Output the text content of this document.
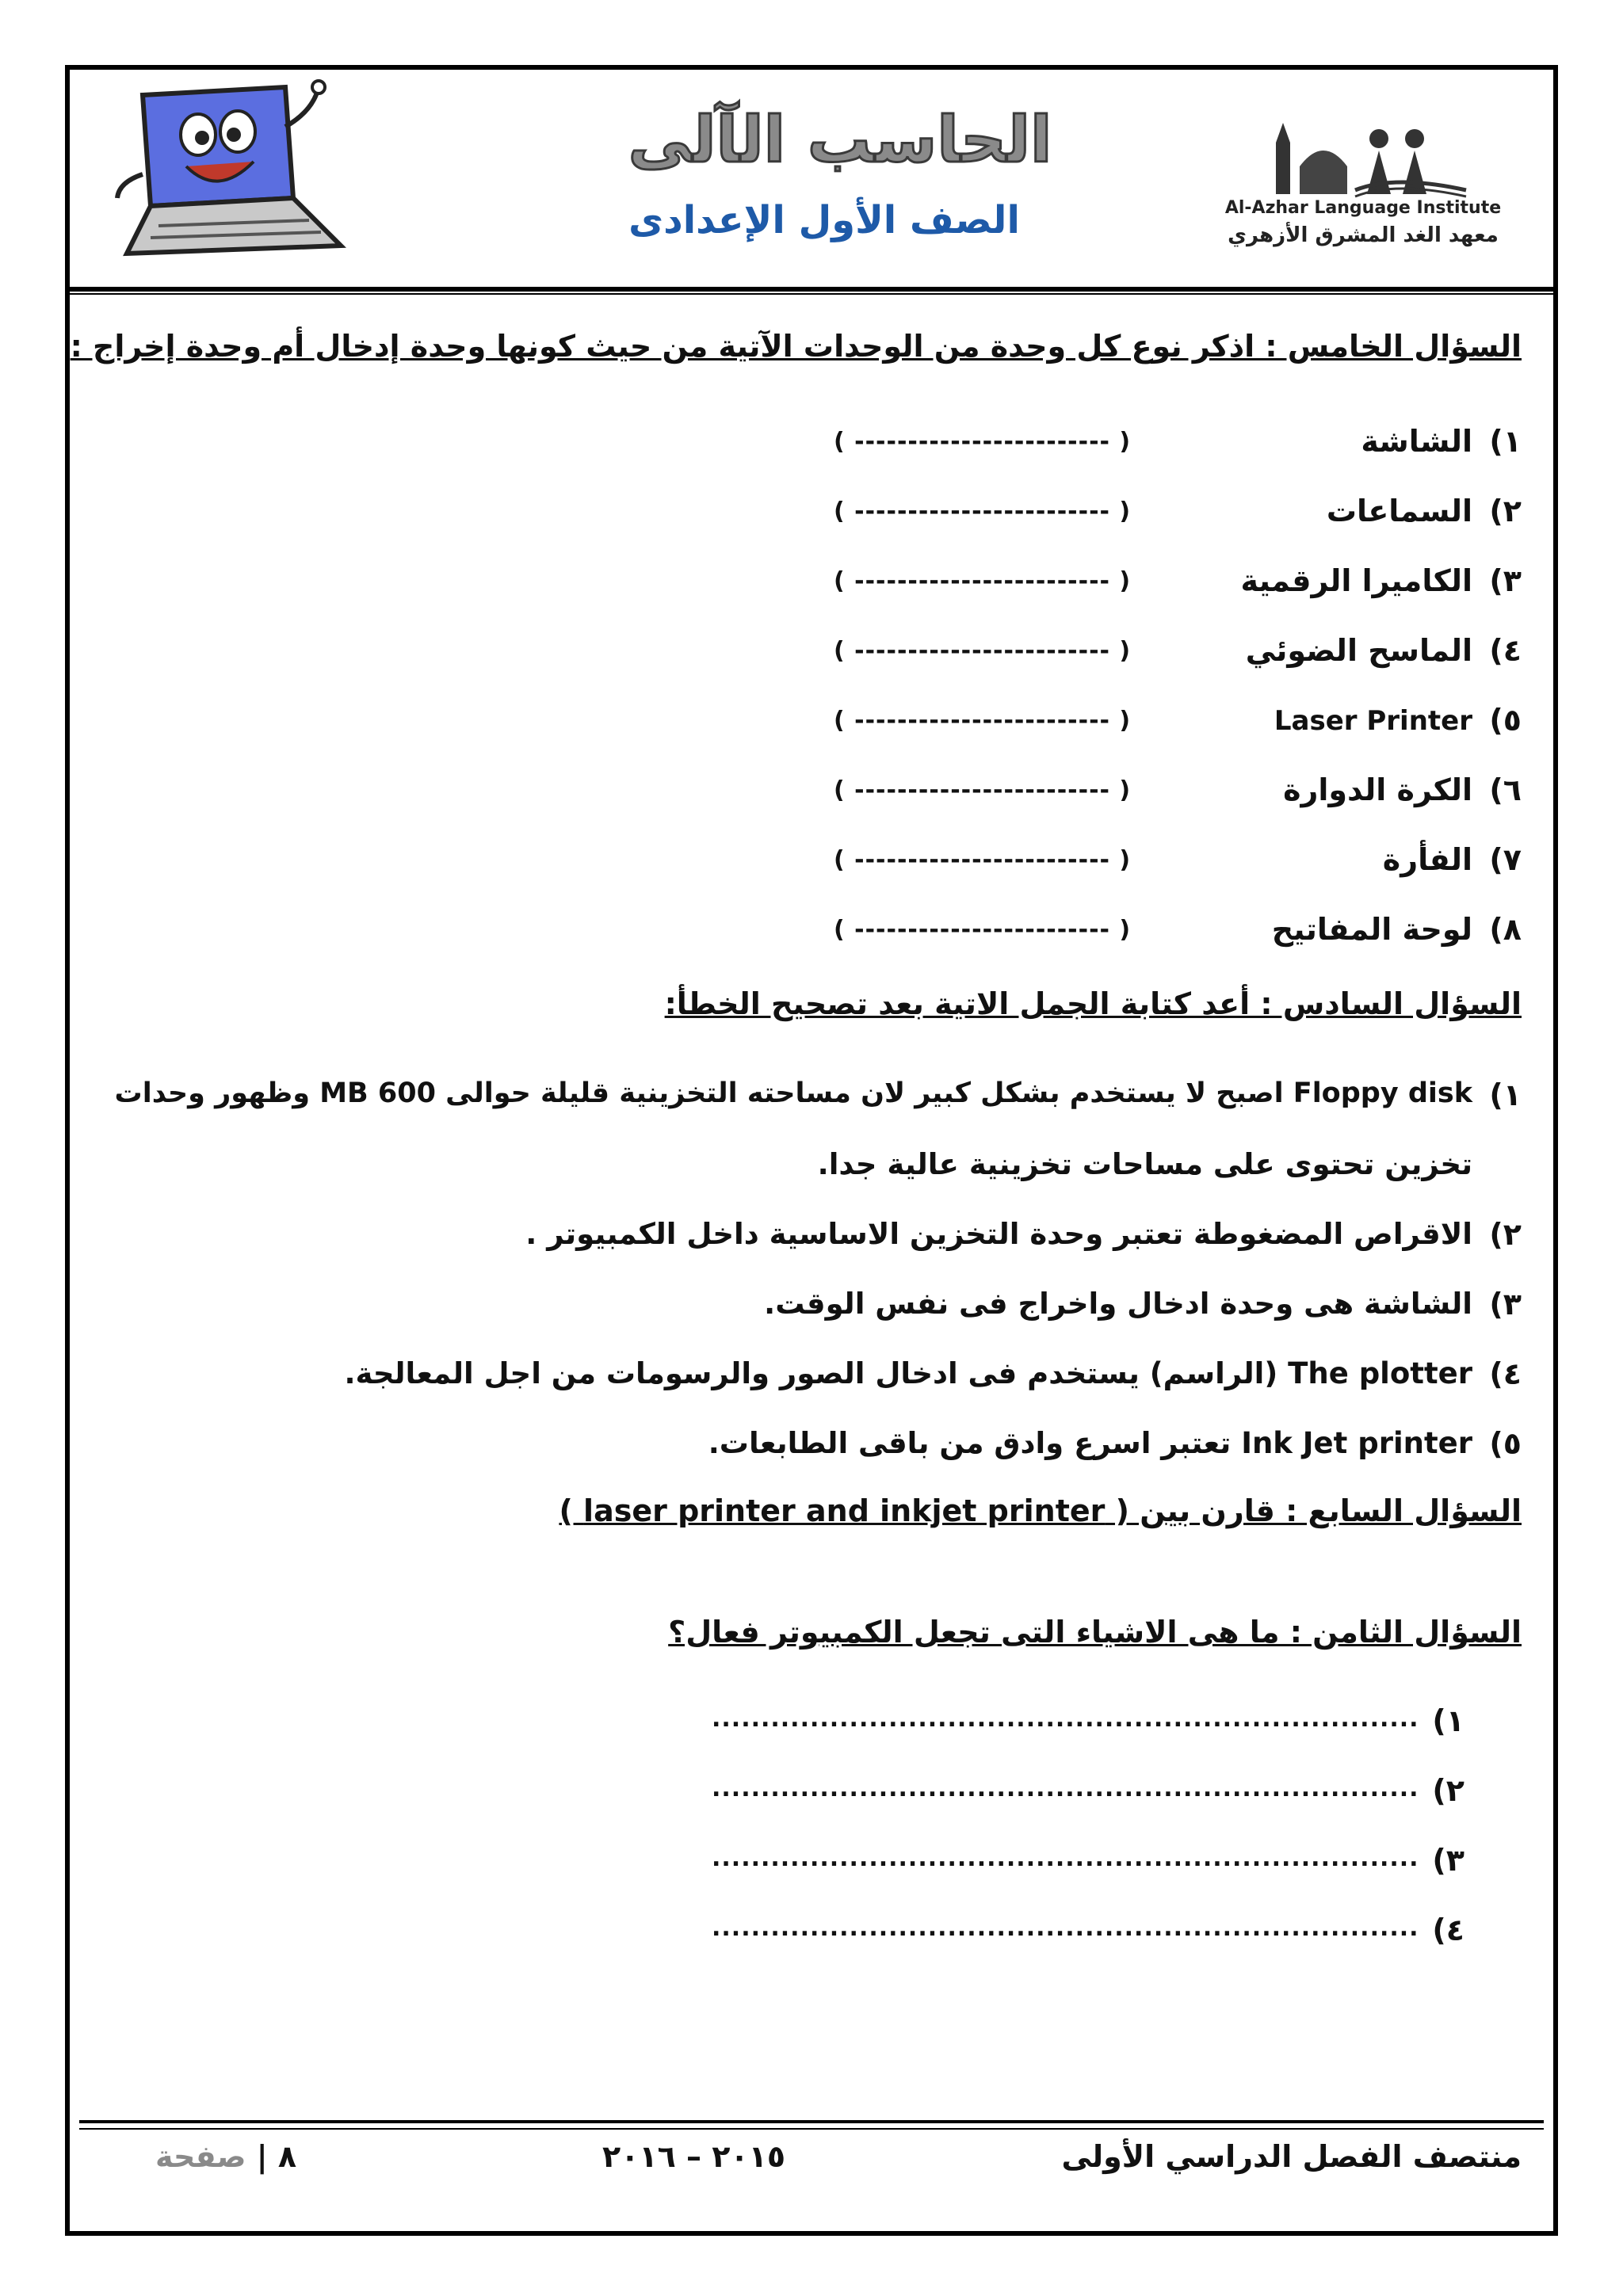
الحاسب الآلى
الصف الأول الإعدادى	Al-Azhar Language Institute
معهد الغد المشرق الأزهري
السؤال الخامس : اذكر نوع كل وحدة من الوحدات الآتية من حيث كونها وحدة إدخال أم وحدة إخراج :
١)
الشاشة
( ------------------------ )
٢)
السماعات
( ------------------------ )
٣)
الكاميرا الرقمية
( ------------------------ )
٤)
الماسح الضوئي
( ------------------------ )
٥)
Laser Printer
( ------------------------ )
٦)
الكرة الدوارة
( ------------------------ )
٧)
الفأرة
( ------------------------ )
٨)
لوحة المفاتيح
( ------------------------ )
السؤال السادس : أعد كتابة الجمل الاتية بعد تصحيح الخطأ:
١)
Floppy disk اصبح لا يستخدم بشكل كبير لان مساحته التخزينية قليلة حوالى 600 MB وظهور وحدات
تخزين تحتوى على مساحات تخزينية عالية جدا.
٢)
الاقراص المضغوطة تعتبر وحدة التخزين الاساسية داخل الكمبيوتر .
٣)
الشاشة هى وحدة ادخال واخراج فى نفس الوقت.
٤)
The plotter (الراسم) يستخدم فى ادخال الصور والرسومات من اجل المعالجة.
٥)
Ink Jet printer تعتبر اسرع وادق من باقى الطابعات.
السؤال السابع : قارن بين ( laser printer and inkjet printer )
السؤال الثامن : ما هى الاشياء التى تجعل الكمبيوتر فعال؟
١)
........................................................................
٢)
........................................................................
٣)
........................................................................
٤)
........................................................................
منتصف الفصل الدراسي الأولى
٢٠١٥ – ٢٠١٦
٨ | صفحة
